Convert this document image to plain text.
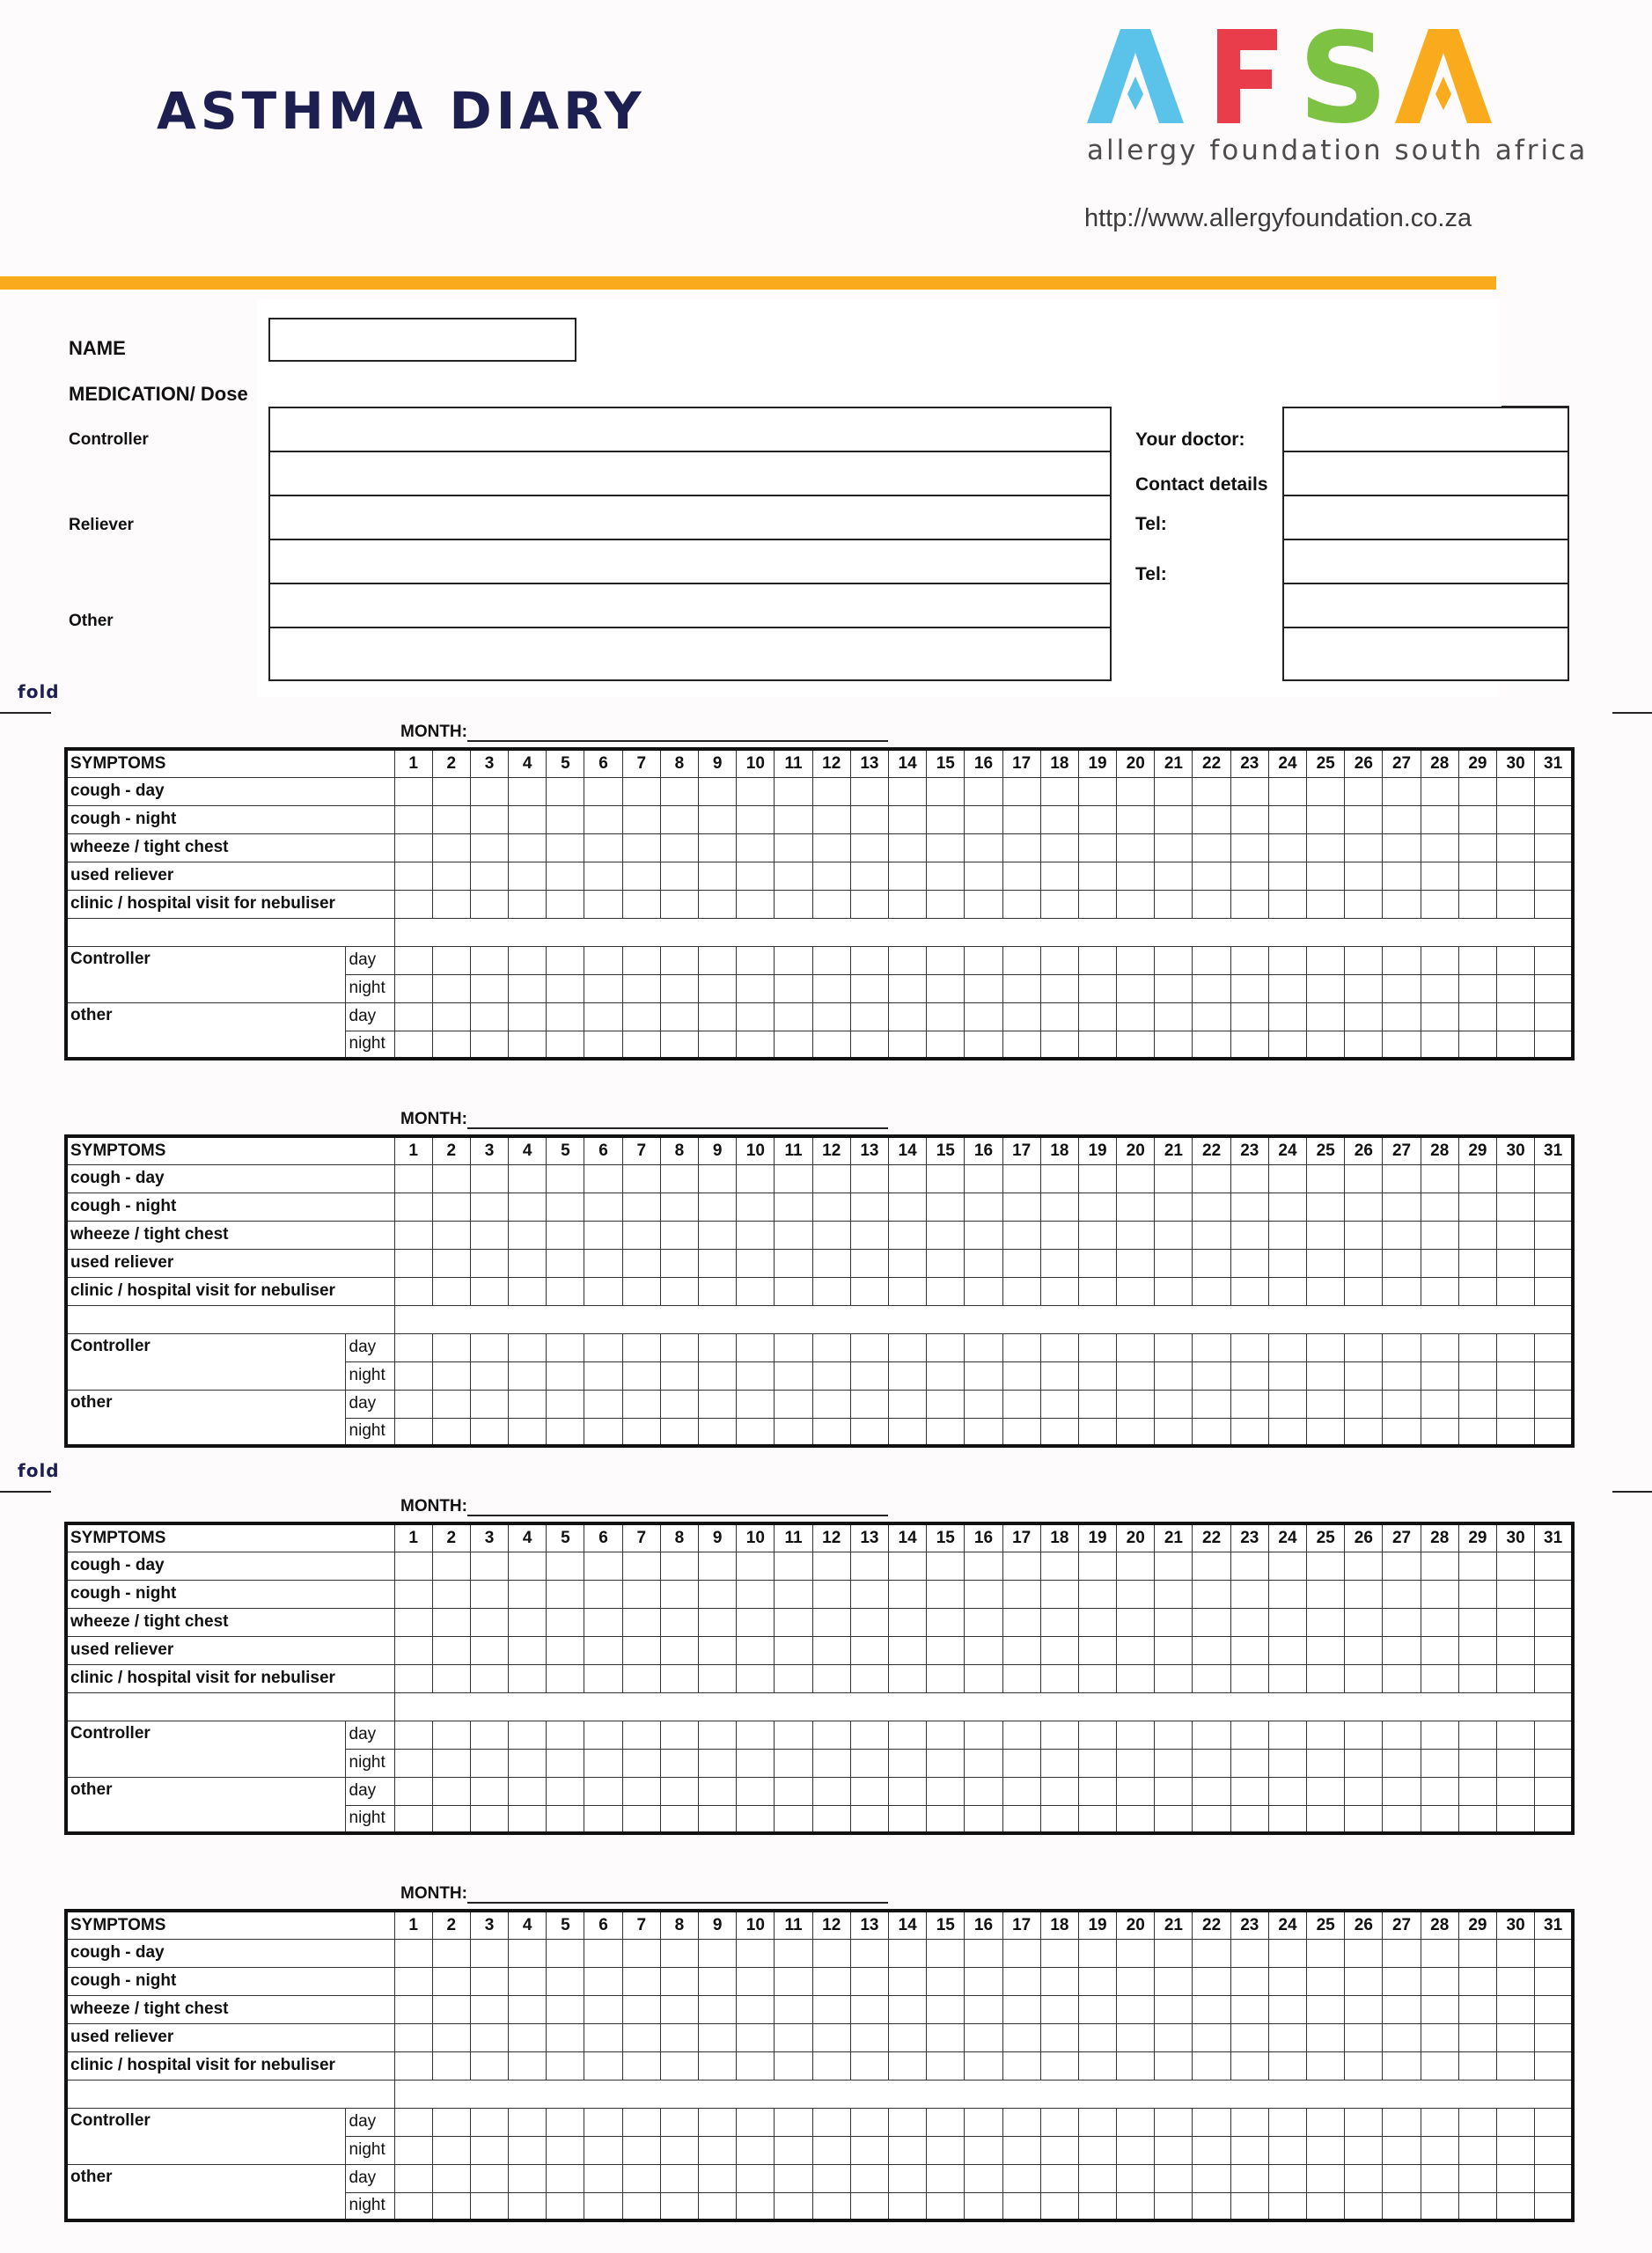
ASTHMA DIARY	S
allergy foundation south africa
http://www.allergyfoundation.co.za
NAME
MEDICATION/ Dose
Controller
Reliever
Other
Your doctor:
Contact details
Tel:
Tel:
fold
fold
MONTH:
SYMPTOMS		1	2	3	4	5	6	7	8	9	10	11	12	13	14	15	16	17	18	19	20	21	22	23	24	25	26	27	28	29	30	31
cough - day																																
cough - night																																
wheeze / tight chest																																
used reliever																																
clinic / hospital visit for nebuliser																																

Controller	day																															
	night																															
other	day																															
	night																															
MONTH:
SYMPTOMS		1	2	3	4	5	6	7	8	9	10	11	12	13	14	15	16	17	18	19	20	21	22	23	24	25	26	27	28	29	30	31
cough - day																																
cough - night																																
wheeze / tight chest																																
used reliever																																
clinic / hospital visit for nebuliser																																

Controller	day																															
	night																															
other	day																															
	night																															
MONTH:
SYMPTOMS		1	2	3	4	5	6	7	8	9	10	11	12	13	14	15	16	17	18	19	20	21	22	23	24	25	26	27	28	29	30	31
cough - day																																
cough - night																																
wheeze / tight chest																																
used reliever																																
clinic / hospital visit for nebuliser																																

Controller	day																															
	night																															
other	day																															
	night																															
MONTH:
SYMPTOMS		1	2	3	4	5	6	7	8	9	10	11	12	13	14	15	16	17	18	19	20	21	22	23	24	25	26	27	28	29	30	31
cough - day																																
cough - night																																
wheeze / tight chest																																
used reliever																																
clinic / hospital visit for nebuliser																																

Controller	day																															
	night																															
other	day																															
	night																															
